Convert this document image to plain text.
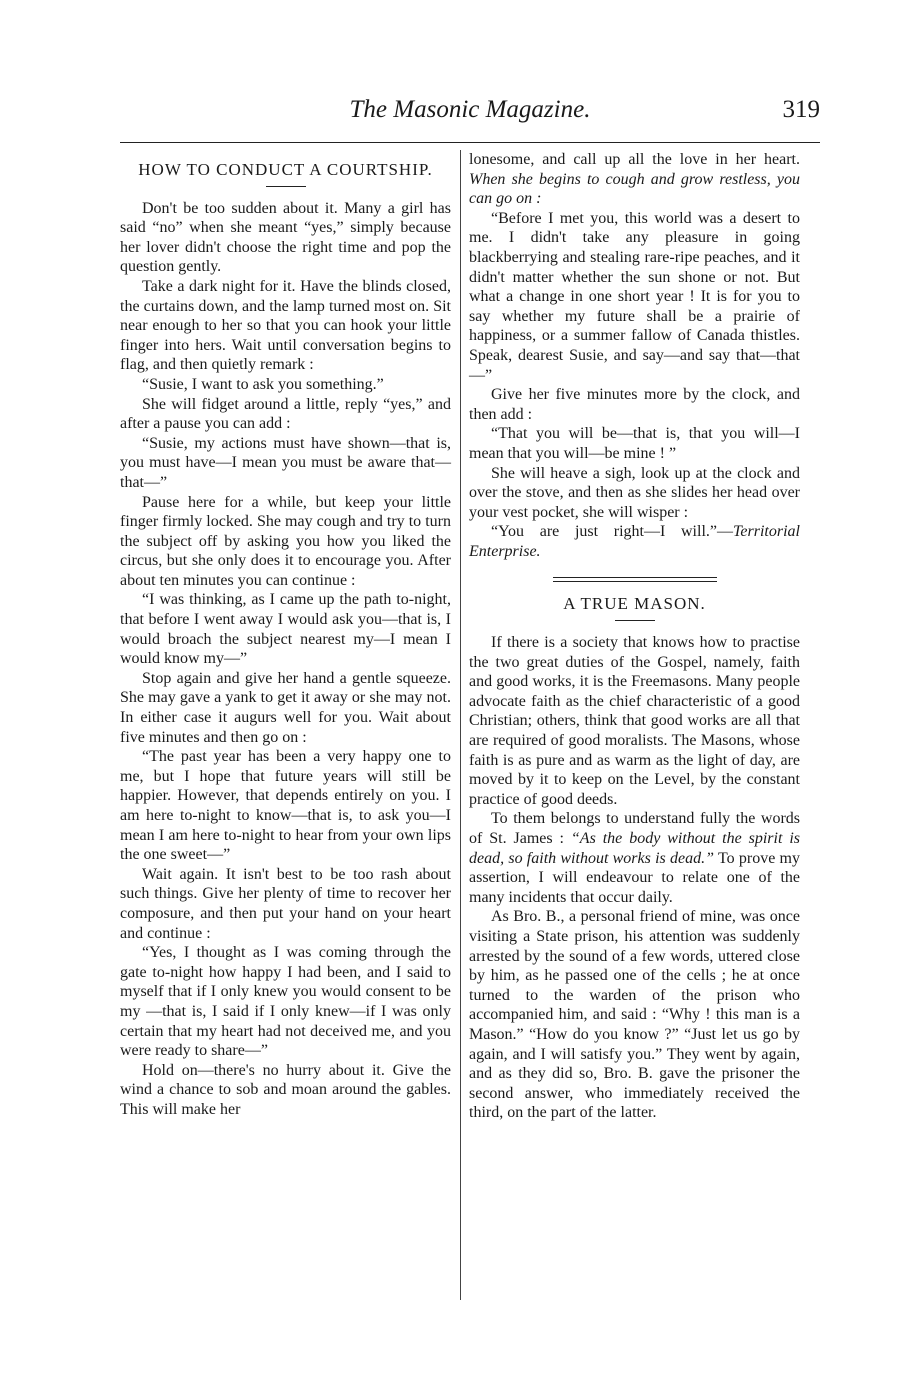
The Masonic Magazine.	319
HOW TO CONDUCT A COURTSHIP.

Don't be too sudden about it. Many a girl has said “no” when she meant “yes,” simply because her lover didn't choose the right time and pop the question gently.

Take a dark night for it. Have the blinds closed, the curtains down, and the lamp turned most on. Sit near enough to her so that you can hook your little finger into hers. Wait until conversation begins to flag, and then quietly remark :

“Susie, I want to ask you something.”

She will fidget around a little, reply “yes,” and after a pause you can add :

“Susie, my actions must have shown—that is, you must have—I mean you must be aware that—that—”

Pause here for a while, but keep your little finger firmly locked. She may cough and try to turn the subject off by asking you how you liked the circus, but she only does it to encourage you. After about ten minutes you can continue :

“I was thinking, as I came up the path to-night, that before I went away I would ask you—that is, I would broach the subject nearest my—I mean I would know my—”

Stop again and give her hand a gentle squeeze. She may gave a yank to get it away or she may not. In either case it augurs well for you. Wait about five minutes and then go on :

“The past year has been a very happy one to me, but I hope that future years will still be happier. However, that depends entirely on you. I am here to-night to know—that is, to ask you—I mean I am here to-night to hear from your own lips the one sweet—”

Wait again. It isn't best to be too rash about such things. Give her plenty of time to recover her composure, and then put your hand on your heart and continue :

“Yes, I thought as I was coming through the gate to-night how happy I had been, and I said to myself that if I only knew you would consent to be my —that is, I said if I only knew—if I was only certain that my heart had not deceived me, and you were ready to share—”

Hold on—there's no hurry about it. Give the wind a chance to sob and moan around the gables. This will make her

lonesome, and call up all the love in her heart. When she begins to cough and grow restless, you can go on :

“Before I met you, this world was a desert to me. I didn't take any pleasure in going blackberrying and stealing rare-ripe peaches, and it didn't matter whether the sun shone or not. But what a change in one short year ! It is for you to say whether my future shall be a prairie of happiness, or a summer fallow of Canada thistles. Speak, dearest Susie, and say—and say that—that—”

Give her five minutes more by the clock, and then add :

“That you will be—that is, that you will—I mean that you will—be mine ! ”

She will heave a sigh, look up at the clock and over the stove, and then as she slides her head over your vest pocket, she will wisper :

“You are just right—I will.”—Territorial Enterprise.

A TRUE MASON.

If there is a society that knows how to practise the two great duties of the Gospel, namely, faith and good works, it is the Freemasons. Many people advocate faith as the chief characteristic of a good Christian; others, think that good works are all that are required of good moralists. The Masons, whose faith is as pure and as warm as the light of day, are moved by it to keep on the Level, by the constant practice of good deeds.

To them belongs to understand fully the words of St. James : “As the body without the spirit is dead, so faith without works is dead.” To prove my assertion, I will endeavour to relate one of the many incidents that occur daily.

As Bro. B., a personal friend of mine, was once visiting a State prison, his attention was suddenly arrested by the sound of a few words, uttered close by him, as he passed one of the cells ; he at once turned to the warden of the prison who accompanied him, and said : “Why ! this man is a Mason.” “How do you know ?” “Just let us go by again, and I will satisfy you.” They went by again, and as they did so, Bro. B. gave the prisoner the second answer, who immediately received the third, on the part of the latter.
